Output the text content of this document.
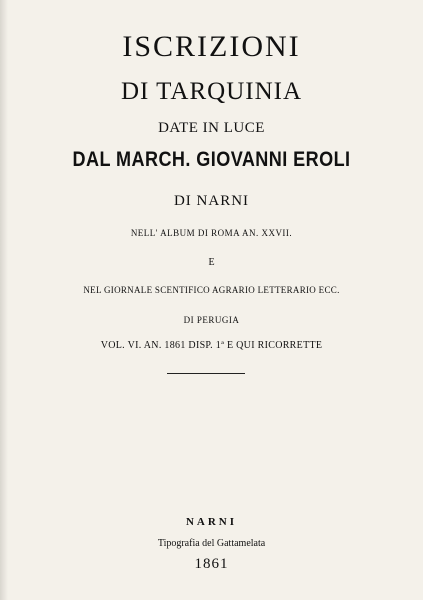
ISCRIZIONI
DI TARQUINIA
DATE IN LUCE
DAL MARCH. GIOVANNI EROLI
DI NARNI
NELL' ALBUM DI ROMA AN. XXVII.
E
NEL GIORNALE SCENTIFICO AGRARIO LETTERARIO ECC.
DI PERUGIA
VOL. VI. AN. 1861 DISP. 1ª E QUI RICORRETTE
NARNI
Tipografia del Gattamelata
1861
